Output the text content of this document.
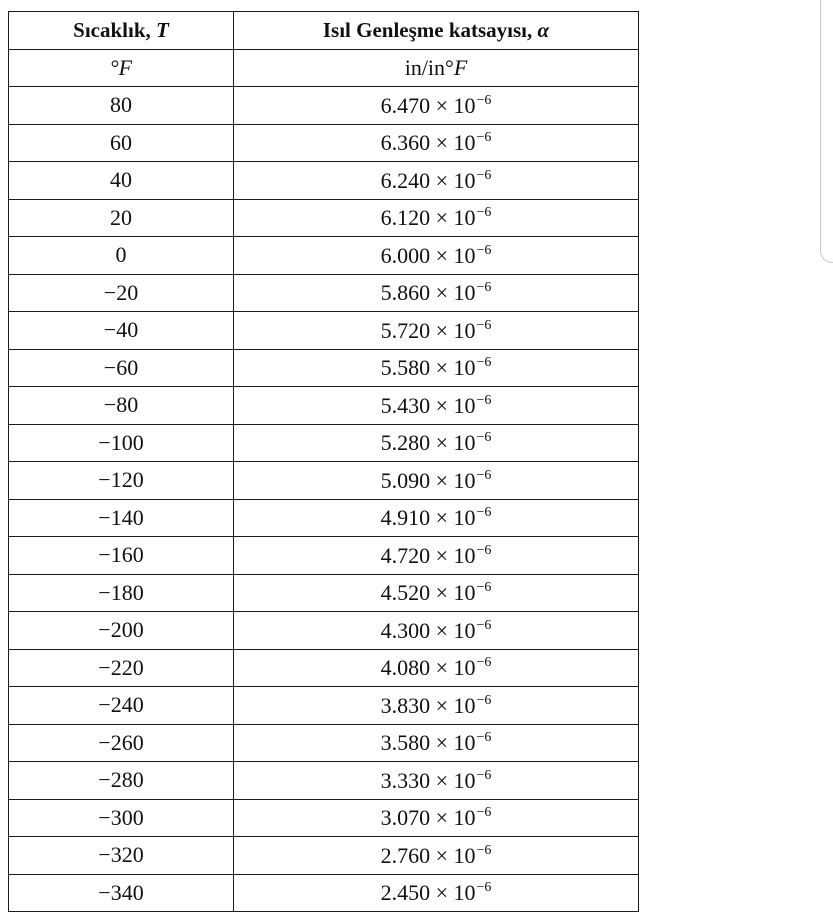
Sıcaklık, T	Isıl Genleşme katsayısı, α
°F	in/in°F
80	$6.470 \times 10^{-6}$
60	$6.360 \times 10^{-6}$
40	$6.240 \times 10^{-6}$
20	$6.120 \times 10^{-6}$
0	$6.000 \times 10^{-6}$
−20	$5.860 \times 10^{-6}$
−40	$5.720 \times 10^{-6}$
−60	$5.580 \times 10^{-6}$
−80	$5.430 \times 10^{-6}$
−100	$5.280 \times 10^{-6}$
−120	$5.090 \times 10^{-6}$
−140	$4.910 \times 10^{-6}$
−160	$4.720 \times 10^{-6}$
−180	$4.520 \times 10^{-6}$
−200	$4.300 \times 10^{-6}$
−220	$4.080 \times 10^{-6}$
−240	$3.830 \times 10^{-6}$
−260	$3.580 \times 10^{-6}$
−280	$3.330 \times 10^{-6}$
−300	$3.070 \times 10^{-6}$
−320	$2.760 \times 10^{-6}$
−340	$2.450 \times 10^{-6}$
